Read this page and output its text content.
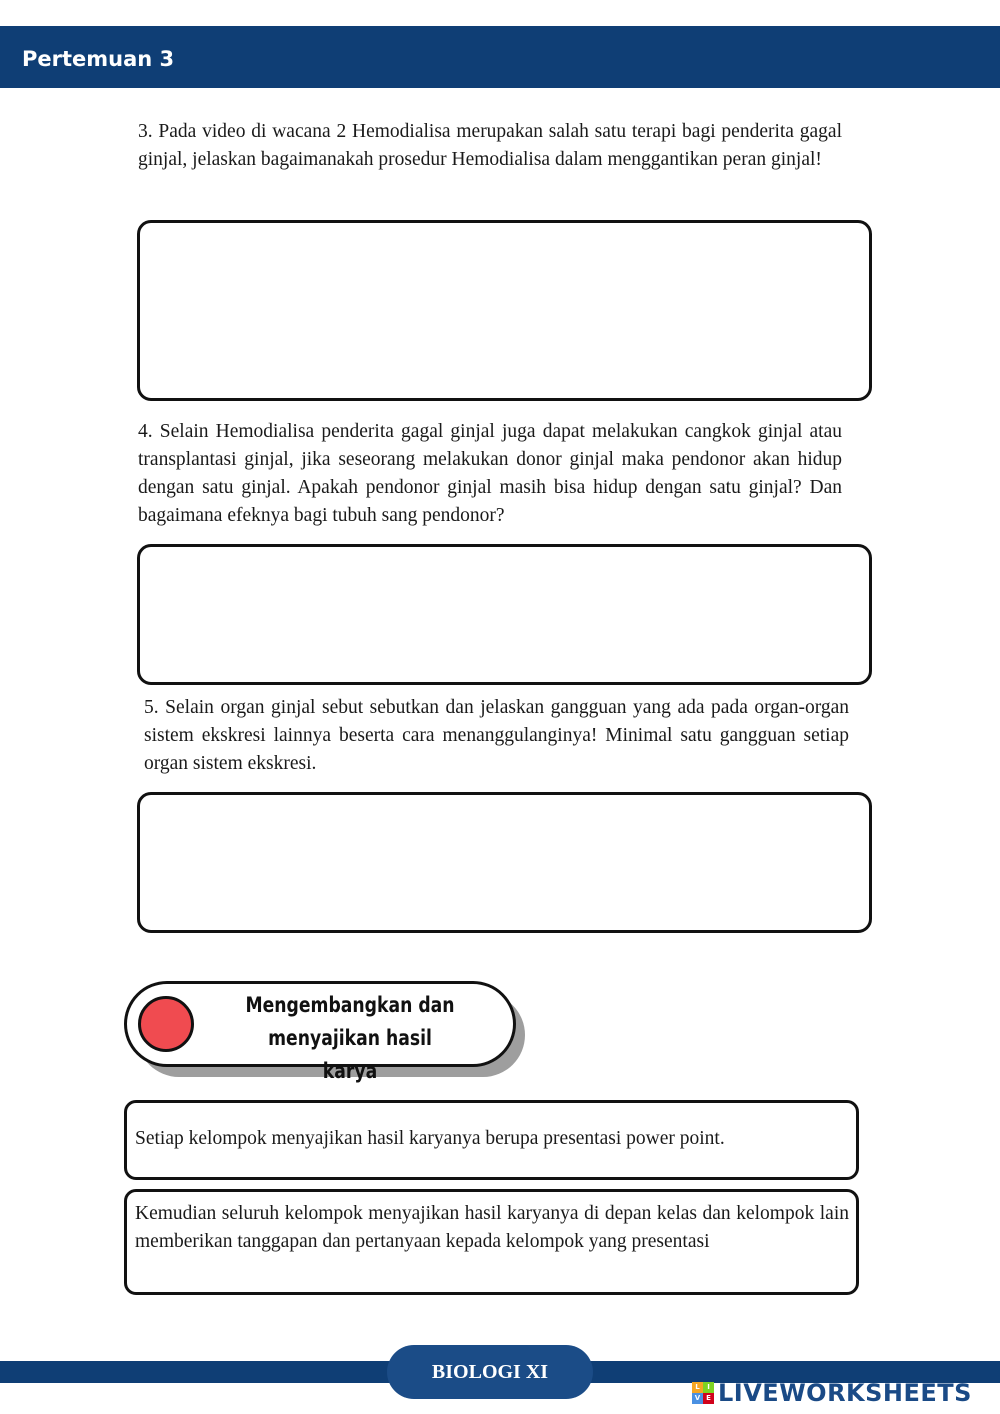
Pertemuan 3
3. Pada video di wacana 2 Hemodialisa merupakan salah satu terapi bagi penderita gagal ginjal, jelaskan bagaimanakah prosedur Hemodialisa dalam menggantikan peran ginjal!
4. Selain Hemodialisa penderita gagal ginjal juga dapat melakukan cangkok ginjal atau transplantasi ginjal, jika seseorang melakukan donor ginjal maka pendonor akan hidup dengan satu ginjal. Apakah pendonor ginjal masih bisa hidup dengan satu ginjal? Dan bagaimana efeknya bagi tubuh sang pendonor?
5. Selain organ ginjal sebut sebutkan dan jelaskan gangguan yang ada pada organ-organ sistem ekskresi lainnya beserta cara menanggulanginya! Minimal satu gangguan setiap organ sistem ekskresi.
Mengembangkan dan menyajikan hasil karya
Setiap kelompok menyajikan hasil karyanya berupa presentasi power point.
Kemudian seluruh kelompok menyajikan hasil karyanya di depan kelas dan kelompok lain memberikan tanggapan dan pertanyaan kepada kelompok yang presentasi
BIOLOGI XI
L	I
V E LIVEWORKSHEETS
